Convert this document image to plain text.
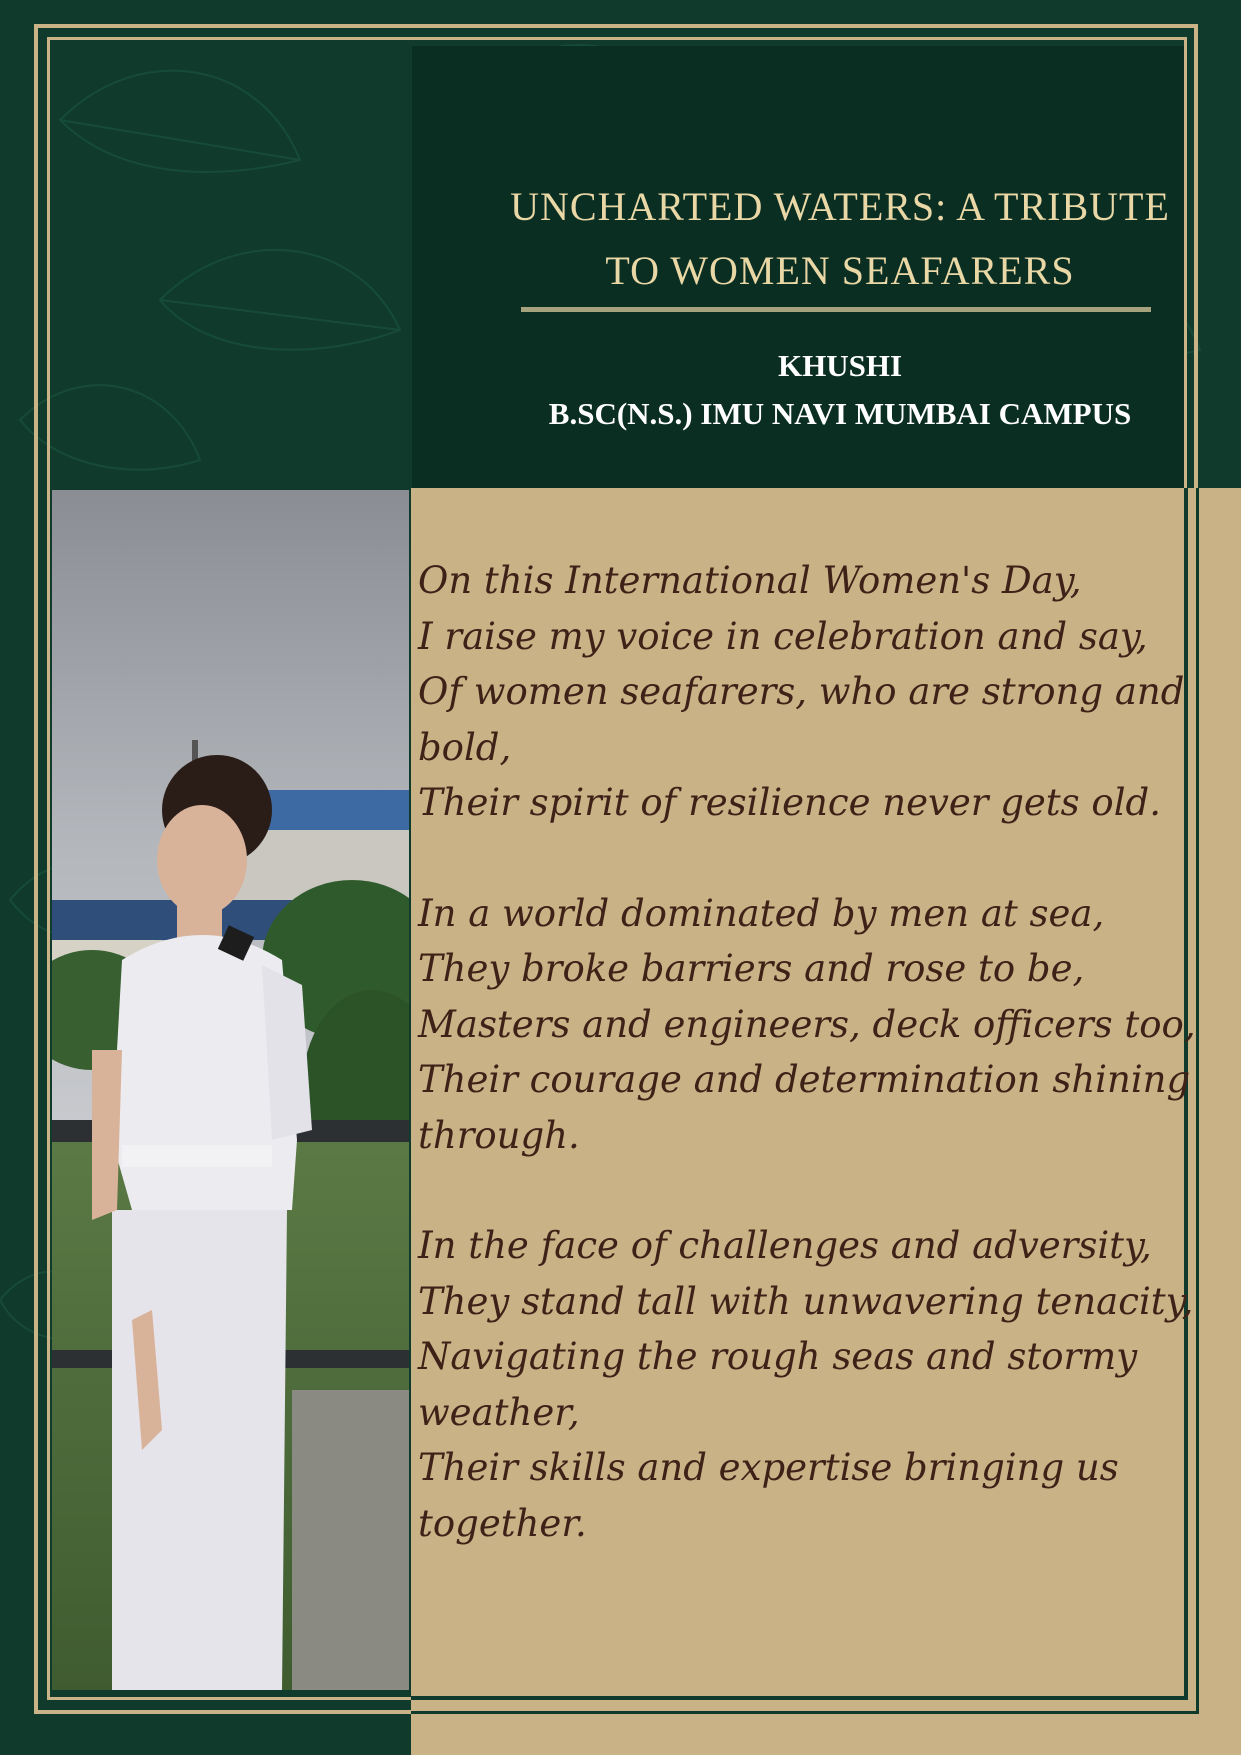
UNCHARTED WATERS: A TRIBUTE
TO WOMEN SEAFARERS
KHUSHI
B.SC(N.S.) IMU NAVI MUMBAI CAMPUS
On this International Women's Day,
I raise my voice in celebration and say,
Of women seafarers, who are strong and
bold,
Their spirit of resilience never gets old.
In a world dominated by men at sea,
They broke barriers and rose to be,
Masters and engineers, deck officers too,
Their courage and determination shining
through.
In the face of challenges and adversity,
They stand tall with unwavering tenacity,
Navigating the rough seas and stormy
weather,
Their skills and expertise bringing us
together.
